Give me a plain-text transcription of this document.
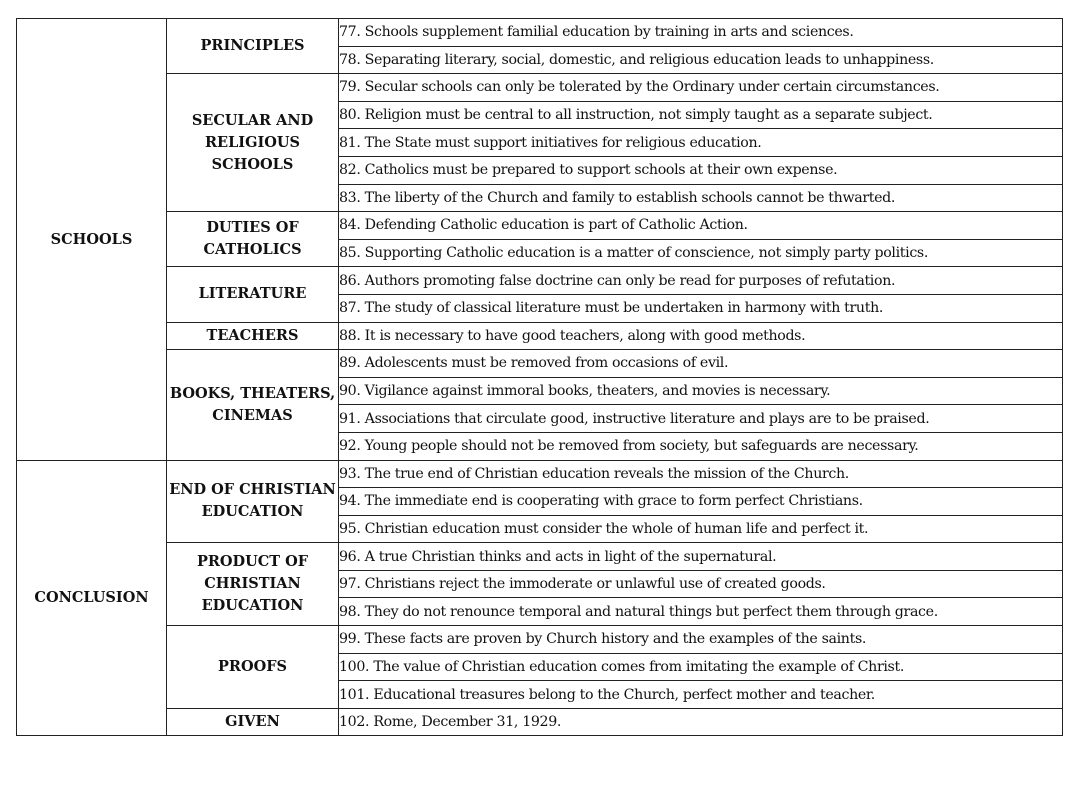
SCHOOLS	PRINCIPLES	77. Schools supplement familial education by training in arts and sciences.
		78. Separating literary, social, domestic, and religious education leads to unhappiness.
	SECULAR AND RELIGIOUS SCHOOLS	79. Secular schools can only be tolerated by the Ordinary under certain circumstances.
		80. Religion must be central to all instruction, not simply taught as a separate subject.
		81. The State must support initiatives for religious education.
		82. Catholics must be prepared to support schools at their own expense.
		83. The liberty of the Church and family to establish schools cannot be thwarted.
	DUTIES OF CATHOLICS	84. Defending Catholic education is part of Catholic Action.
		85. Supporting Catholic education is a matter of conscience, not simply party politics.
	LITERATURE	86. Authors promoting false doctrine can only be read for purposes of refutation.
		87. The study of classical literature must be undertaken in harmony with truth.
	TEACHERS	88. It is necessary to have good teachers, along with good methods.
	BOOKS, THEATERS, CINEMAS	89. Adolescents must be removed from occasions of evil.
		90. Vigilance against immoral books, theaters, and movies is necessary.
		91. Associations that circulate good, instructive literature and plays are to be praised.
		92. Young people should not be removed from society, but safeguards are necessary.
CONCLUSION	END OF CHRISTIAN EDUCATION	93. The true end of Christian education reveals the mission of the Church.
		94. The immediate end is cooperating with grace to form perfect Christians.
		95. Christian education must consider the whole of human life and perfect it.
	PRODUCT OF CHRISTIAN EDUCATION	96. A true Christian thinks and acts in light of the supernatural.
		97. Christians reject the immoderate or unlawful use of created goods.
		98. They do not renounce temporal and natural things but perfect them through grace.
	PROOFS	99. These facts are proven by Church history and the examples of the saints.
		100. The value of Christian education comes from imitating the example of Christ.
		101. Educational treasures belong to the Church, perfect mother and teacher.
	GIVEN	102. Rome, December 31, 1929.
